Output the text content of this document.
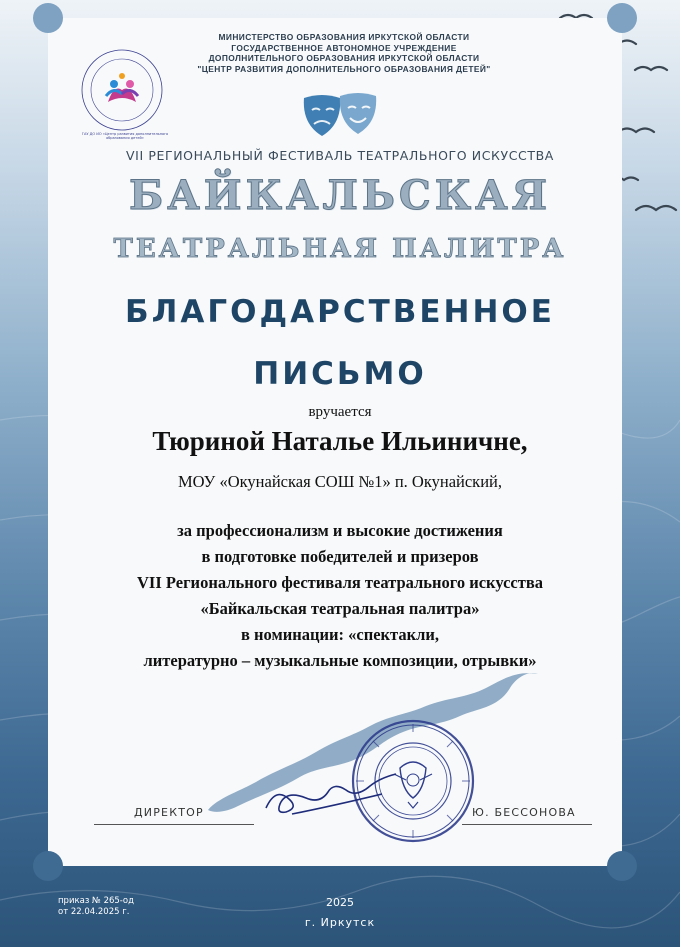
ГАУ ДО ИО «Центр развития дополнительного образования детей»
МИНИСТЕРСТВО ОБРАЗОВАНИЯ ИРКУТСКОЙ ОБЛАСТИ
ГОСУДАРСТВЕННОЕ АВТОНОМНОЕ УЧРЕЖДЕНИЕ
ДОПОЛНИТЕЛЬНОГО ОБРАЗОВАНИЯ ИРКУТСКОЙ ОБЛАСТИ
"ЦЕНТР РАЗВИТИЯ ДОПОЛНИТЕЛЬНОГО ОБРАЗОВАНИЯ ДЕТЕЙ"
VII РЕГИОНАЛЬНЫЙ ФЕСТИВАЛЬ ТЕАТРАЛЬНОГО ИСКУССТВА
БАЙКАЛЬСКАЯ
ТЕАТРАЛЬНАЯ ПАЛИТРА
БЛАГОДАРСТВЕННОЕ
ПИСЬМО
вручается
Тюриной Наталье Ильиничне,
МОУ «Окунайская СОШ №1» п. Окунайский,
за профессионализм и высокие достижения
в подготовке победителей и призеров
VII Регионального фестиваля театрального искусства
«Байкальская театральная палитра»
в номинации: «спектакли,
литературно – музыкальные композиции, отрывки»
ДИРЕКТОР	Ю. БЕССОНОВА
приказ № 265-од
от 22.04.2025 г.
2025
г. Иркутск
